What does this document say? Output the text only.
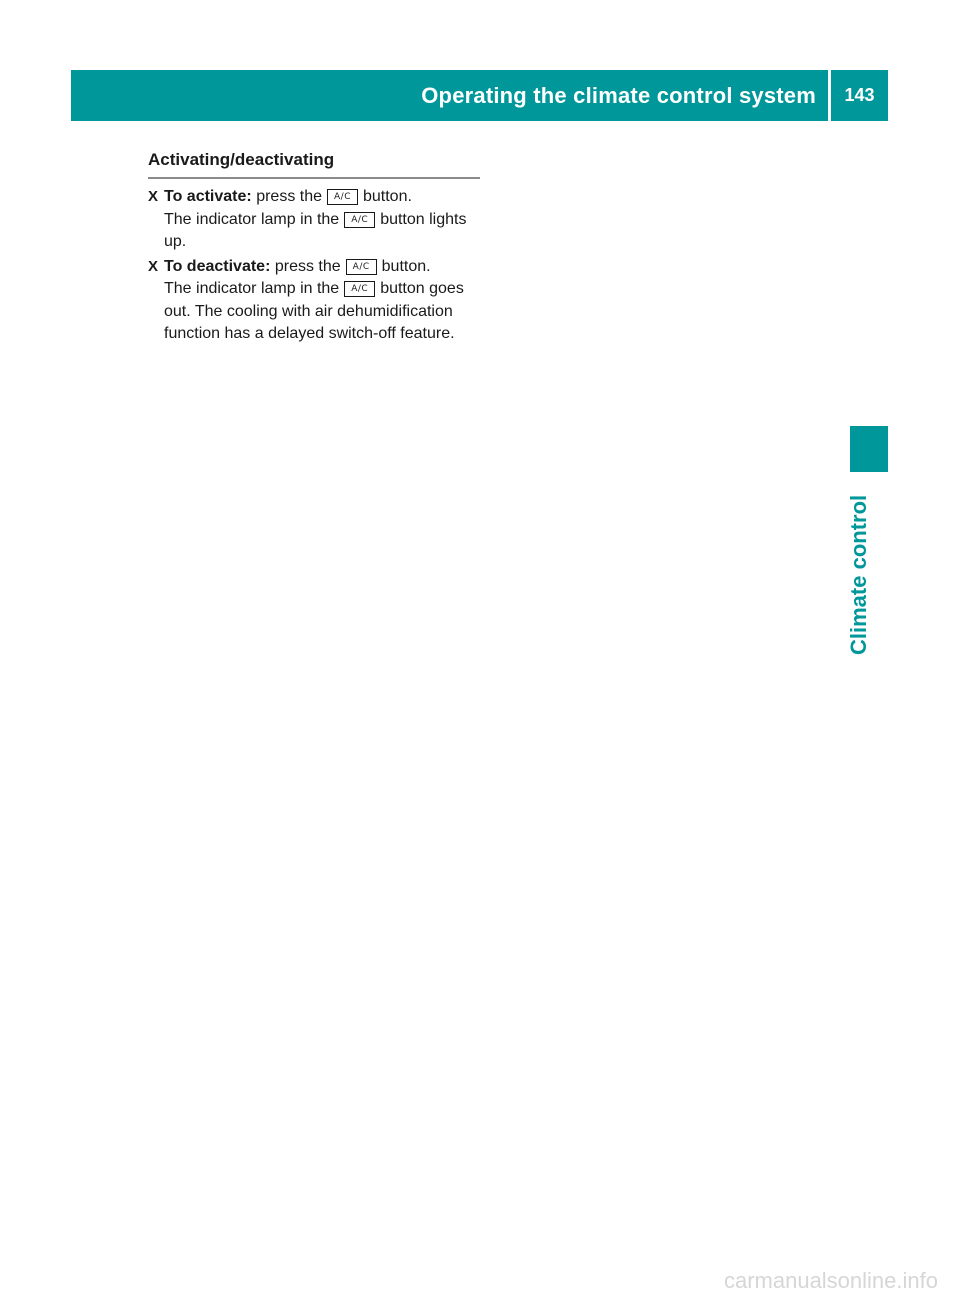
Operating the climate control system	143
Activating/deactivating
X To activate: press the A/C button.
The indicator lamp in the A/C button lights up.
X To deactivate: press the A/C button.
The indicator lamp in the A/C button goes out. The cooling with air dehumidification function has a delayed switch-off feature.
Climate control
carmanualsonline.info
